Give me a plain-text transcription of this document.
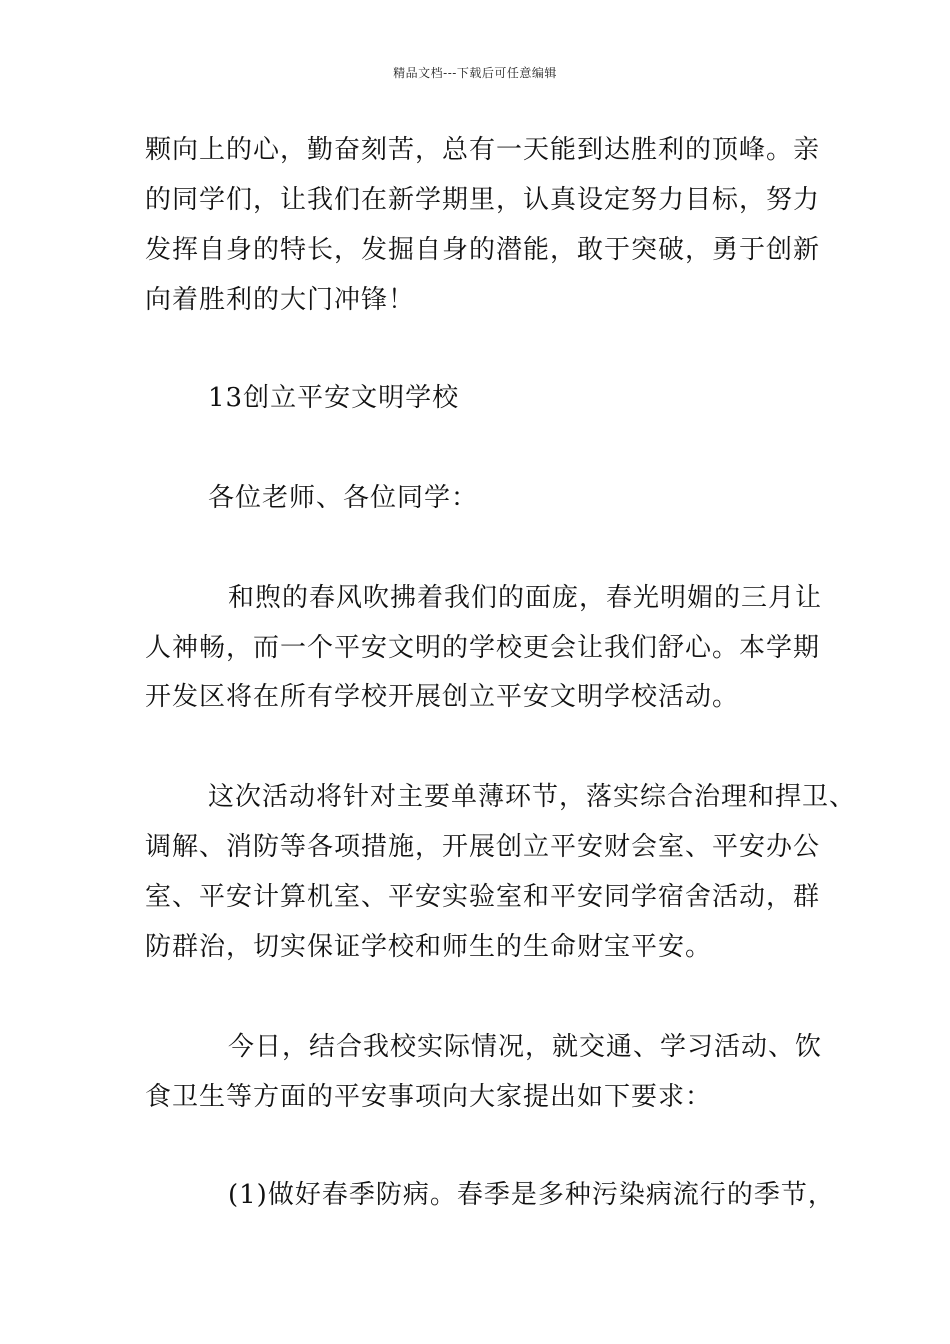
精品文档---下载后可任意编辑
颗向上的心，勤奋刻苦，总有一天能到达胜利的顶峰。亲
的同学们，让我们在新学期里，认真设定努力目标，努力
发挥自身的特长，发掘自身的潜能，敢于突破，勇于创新
向着胜利的大门冲锋！
13创立平安文明学校
各位老师、各位同学：
和煦的春风吹拂着我们的面庞，春光明媚的三月让
人神畅，而一个平安文明的学校更会让我们舒心。本学期
开发区将在所有学校开展创立平安文明学校活动。
这次活动将针对主要单薄环节，落实综合治理和捍卫、
调解、消防等各项措施，开展创立平安财会室、平安办公
室、平安计算机室、平安实验室和平安同学宿舍活动，群
防群治，切实保证学校和师生的生命财宝平安。
今日，结合我校实际情况，就交通、学习活动、饮
食卫生等方面的平安事项向大家提出如下要求：
(1)做好春季防病。春季是多种污染病流行的季节，
